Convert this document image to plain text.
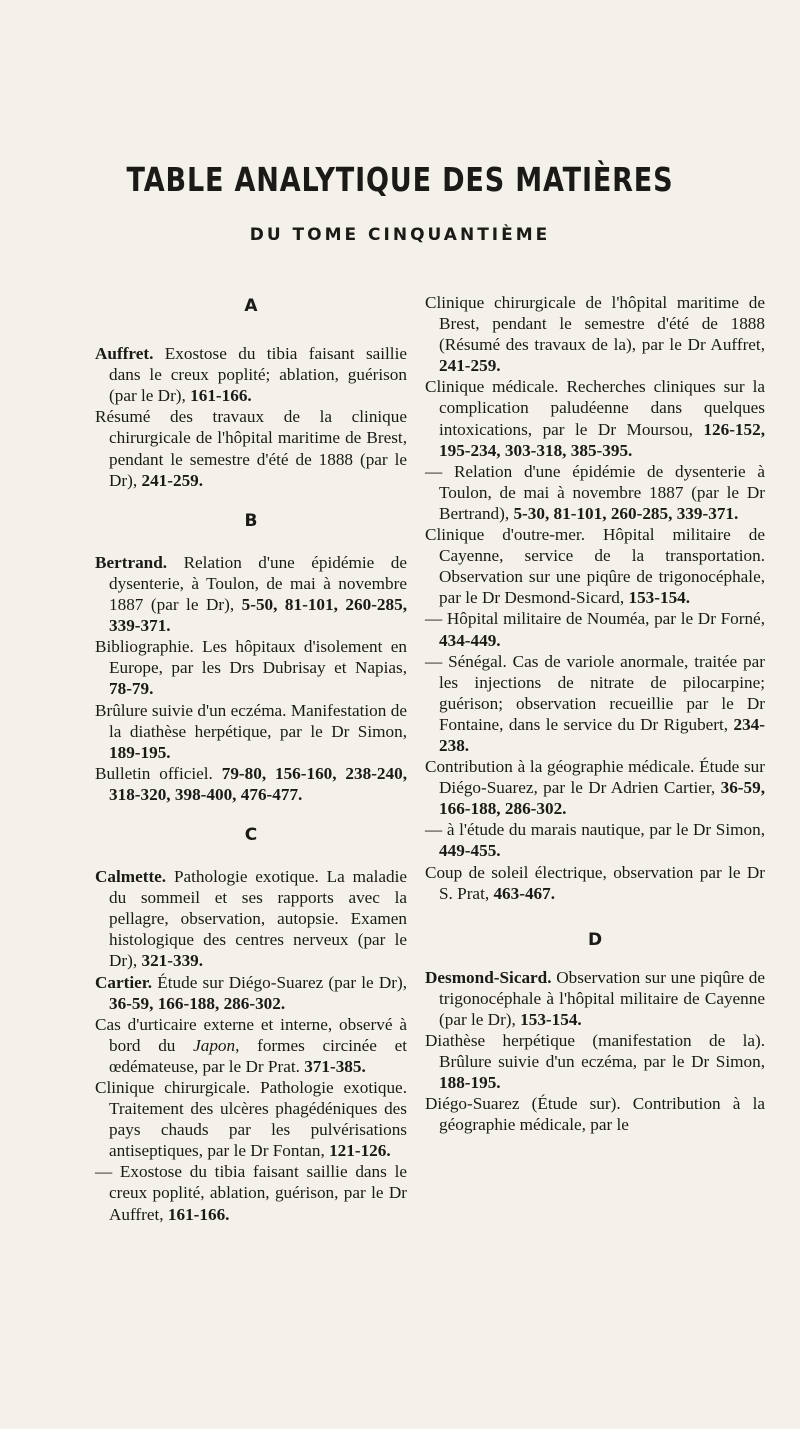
TABLE ANALYTIQUE DES MATIÈRES
DU TOME CINQUANTIÈME

A

Auffret. Exostose du tibia faisant saillie dans le creux poplité; ablation, guérison (par le Dr), 161-166.

Résumé des travaux de la clinique chirurgicale de l'hôpital maritime de Brest, pendant le semestre d'été de 1888 (par le Dr), 241-259.

B

Bertrand. Relation d'une épidémie de dysenterie, à Toulon, de mai à novembre 1887 (par le Dr), 5-50, 81-101, 260-285, 339-371.

Bibliographie. Les hôpitaux d'isolement en Europe, par les Drs Dubrisay et Napias, 78-79.

Brûlure suivie d'un eczéma. Manifestation de la diathèse herpétique, par le Dr Simon, 189-195.

Bulletin officiel. 79-80, 156-160, 238-240, 318-320, 398-400, 476-477.

C

Calmette. Pathologie exotique. La maladie du sommeil et ses rapports avec la pellagre, observation, autopsie. Examen histologique des centres nerveux (par le Dr), 321-339.

Cartier. Étude sur Diégo-Suarez (par le Dr), 36-59, 166-188, 286-302.

Cas d'urticaire externe et interne, observé à bord du Japon, formes circinée et œdémateuse, par le Dr Prat. 371-385.

Clinique chirurgicale. Pathologie exotique. Traitement des ulcères phagédéniques des pays chauds par les pulvérisations antiseptiques, par le Dr Fontan, 121-126.

— Exostose du tibia faisant saillie dans le creux poplité, ablation, guérison, par le Dr Auffret, 161-166.

Clinique chirurgicale de l'hôpital maritime de Brest, pendant le semestre d'été de 1888 (Résumé des travaux de la), par le Dr Auffret, 241-259.

Clinique médicale. Recherches cliniques sur la complication paludéenne dans quelques intoxications, par le Dr Moursou, 126-152, 195-234, 303-318, 385-395.

— Relation d'une épidémie de dysenterie à Toulon, de mai à novembre 1887 (par le Dr Bertrand), 5-30, 81-101, 260-285, 339-371.

Clinique d'outre-mer. Hôpital militaire de Cayenne, service de la transportation. Observation sur une piqûre de trigonocéphale, par le Dr Desmond-Sicard, 153-154.

— Hôpital militaire de Nouméa, par le Dr Forné, 434-449.

— Sénégal. Cas de variole anormale, traitée par les injections de nitrate de pilocarpine; guérison; observation recueillie par le Dr Fontaine, dans le service du Dr Rigubert, 234-238.

Contribution à la géographie médicale. Étude sur Diégo-Suarez, par le Dr Adrien Cartier, 36-59, 166-188, 286-302.

— à l'étude du marais nautique, par le Dr Simon, 449-455.

Coup de soleil électrique, observation par le Dr S. Prat, 463-467.

D

Desmond-Sicard. Observation sur une piqûre de trigonocéphale à l'hôpital militaire de Cayenne (par le Dr), 153-154.

Diathèse herpétique (manifestation de la). Brûlure suivie d'un eczéma, par le Dr Simon, 188-195.

Diégo-Suarez (Étude sur). Contribution à la géographie médicale, par le
